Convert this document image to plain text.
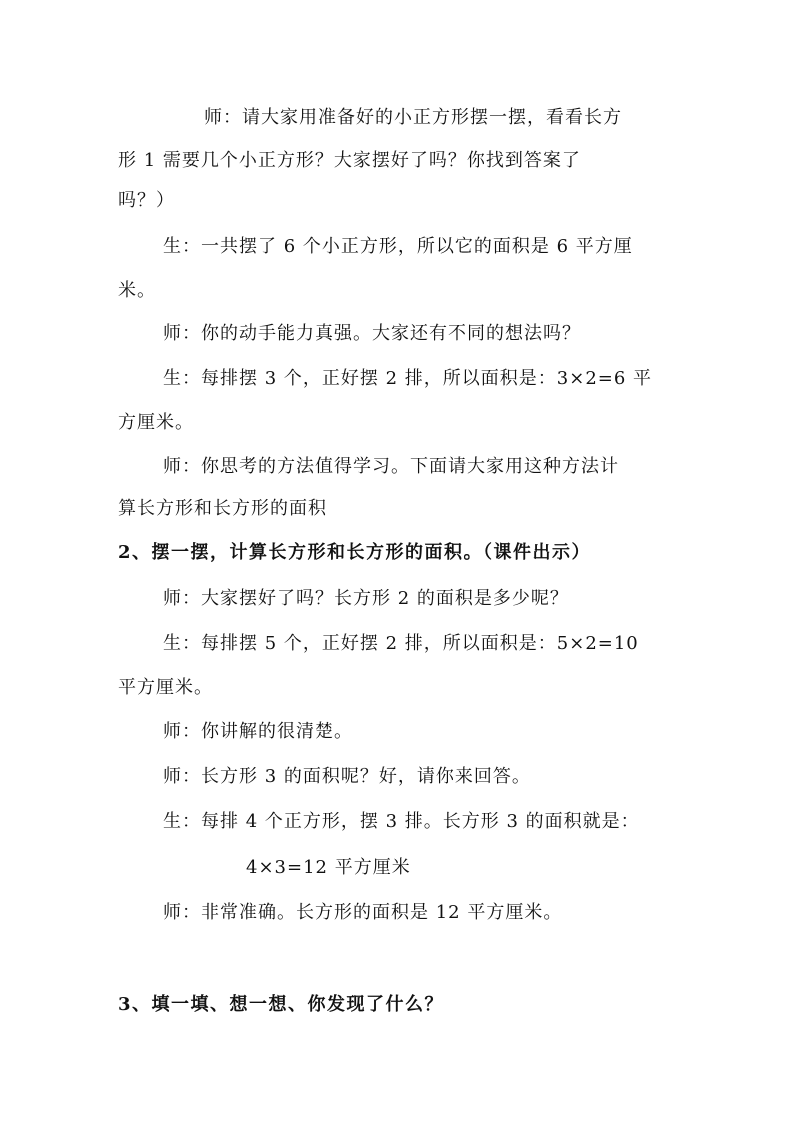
师：请大家用准备好的小正方形摆一摆，看看长方
形 1 需要几个小正方形？大家摆好了吗？你找到答案了
吗？）
生：一共摆了 6 个小正方形，所以它的面积是 6 平方厘
米。
师：你的动手能力真强。大家还有不同的想法吗？
生：每排摆 3 个，正好摆 2 排，所以面积是：3×2=6 平
方厘米。
师：你思考的方法值得学习。下面请大家用这种方法计
算长方形和长方形的面积
2、摆一摆，计算长方形和长方形的面积。（课件出示）
师：大家摆好了吗？长方形 2 的面积是多少呢？
生：每排摆 5 个，正好摆 2 排，所以面积是：5×2=10
平方厘米。
师：你讲解的很清楚。
师：长方形 3 的面积呢？好，请你来回答。
生：每排 4 个正方形，摆 3 排。长方形 3 的面积就是：
4×3=12 平方厘米
师：非常准确。长方形的面积是 12 平方厘米。
3、填一填、想一想、你发现了什么？
